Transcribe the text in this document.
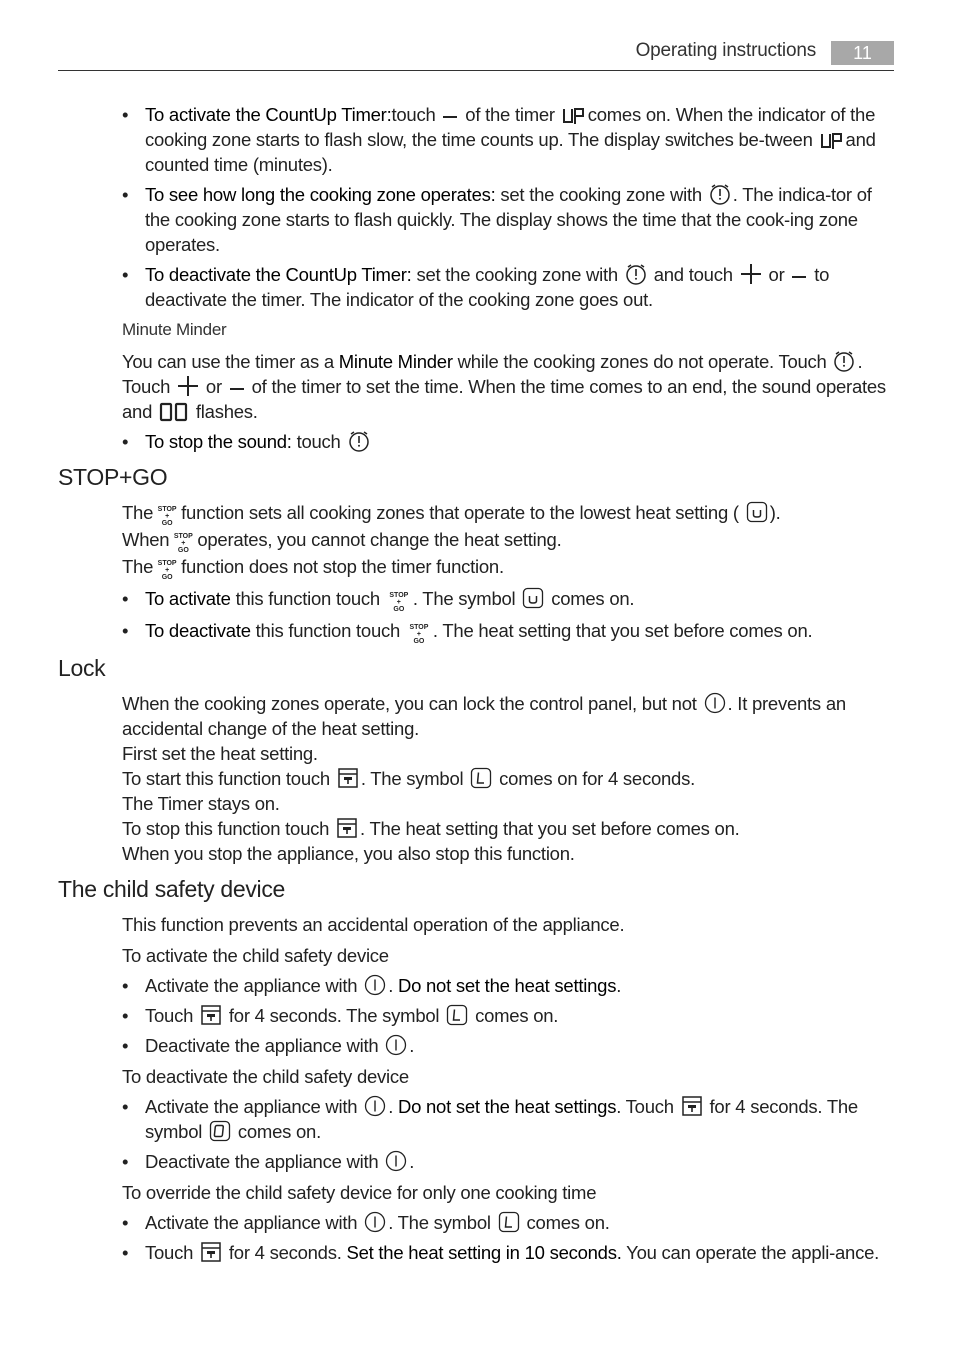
Operating instructions	11
• To activate the CountUp Timer:touch of the timer comes on. When the indicator of the cooking zone starts to flash slow, the time counts up. The display switches be-tween and counted time (minutes).
• To see how long the cooking zone operates: set the cooking zone with . The indica-tor of the cooking zone starts to flash quickly. The display shows the time that the cook-ing zone operates.
• To deactivate the CountUp Timer: set the cooking zone with and touch or to deactivate the timer. The indicator of the cooking zone goes out.
Minute Minder
You can use the timer as a Minute Minder while the cooking zones do not operate. Touch . Touch or of the timer to set the time. When the time comes to an end, the sound operates and flashes.
• To stop the sound: touch
STOP+GO
The STOP
+
GOfunction sets all cooking zones that operate to the lowest heat setting ( ).
When STOP
+
GOoperates, you cannot change the heat setting.
The STOP
+
GOfunction does not stop the timer function.
• To activate this function touch STOP
+
GO. The symbol comes on.
• To deactivate this function touch STOP
+
GO. The heat setting that you set before comes on.
Lock
When the cooking zones operate, you can lock the control panel, but not . It prevents an accidental change of the heat setting.
First set the heat setting.
To start this function touch . The symbol comes on for 4 seconds.
The Timer stays on.
To stop this function touch . The heat setting that you set before comes on.
When you stop the appliance, you also stop this function.
The child safety device
This function prevents an accidental operation of the appliance.
To activate the child safety device
• Activate the appliance with . Do not set the heat settings.
• Touch for 4 seconds. The symbol comes on.
• Deactivate the appliance with .
To deactivate the child safety device
• Activate the appliance with . Do not set the heat settings. Touch for 4 seconds. The symbol comes on.
• Deactivate the appliance with .
To override the child safety device for only one cooking time
• Activate the appliance with . The symbol comes on.
• Touch for 4 seconds. Set the heat setting in 10 seconds. You can operate the appli-ance.
